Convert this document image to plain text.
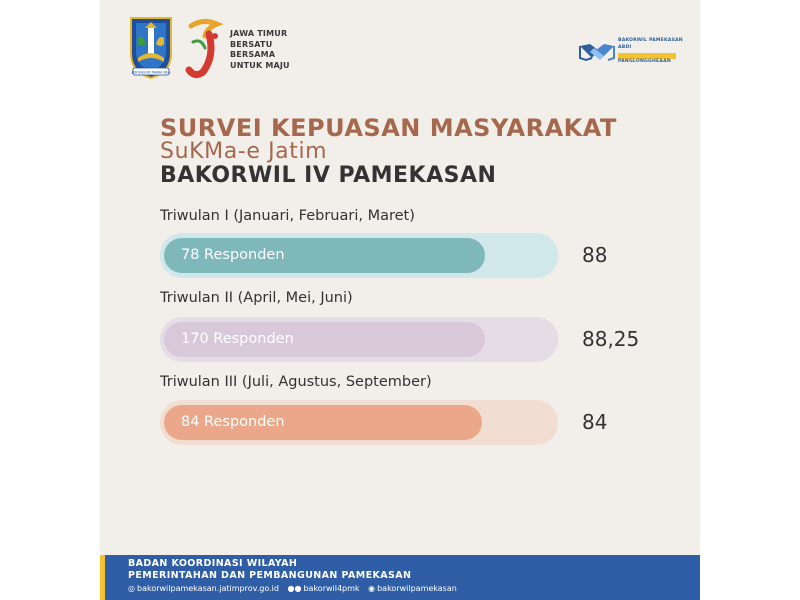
JER BASUKI MAWA BEA
JAWA TIMUR
BERSATU
BERSAMA
UNTUK MAJU
BAKORWIL PAMEKASAN
ABDI
PANGLONGGHEAAN
SURVEI KEPUASAN MASYARAKAT
SuKMa-e Jatim
BAKORWIL IV PAMEKASAN
Triwulan I (Januari, Februari, Maret)
78 Responden	88
Triwulan II (April, Mei, Juni)
170 Responden	88,25
Triwulan III (Juli, Agustus, September)
84 Responden	84
BADAN KOORDINASI WILAYAH
PEMERINTAHAN DAN PEMBANGUNAN PAMEKASAN
◎ bakorwilpamekasan.jatimprov.go.id ●● bakorwil4pmk ◉ bakorwilpamekasan
